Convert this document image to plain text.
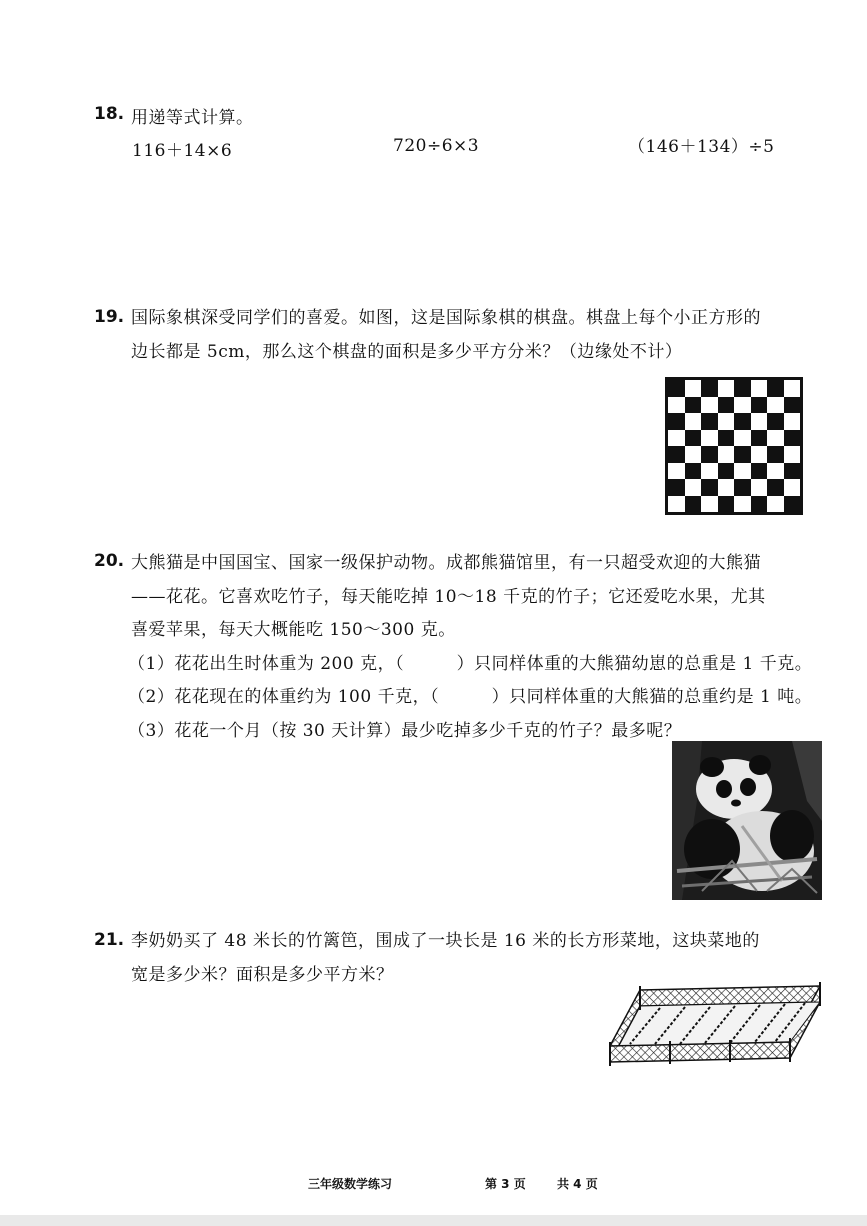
18. 用递等式计算。
116＋14×6	720÷6×3	（146＋134）÷5
19. 国际象棋深受同学们的喜爱。如图，这是国际象棋的棋盘。棋盘上每个小正方形的
边长都是 5cm，那么这个棋盘的面积是多少平方分米？（边缘处不计）
20. 大熊猫是中国国宝、国家一级保护动物。成都熊猫馆里，有一只超受欢迎的大熊猫
——花花。它喜欢吃竹子，每天能吃掉 10～18 千克的竹子；它还爱吃水果，尤其
喜爱苹果，每天大概能吃 150～300 克。
（1）花花出生时体重为 200 克，（　　　）只同样体重的大熊猫幼崽的总重是 1 千克。
（2）花花现在的体重约为 100 千克，（　　　）只同样体重的大熊猫的总重约是 1 吨。
（3）花花一个月（按 30 天计算）最少吃掉多少千克的竹子？最多呢？
21. 李奶奶买了 48 米长的竹篱笆，围成了一块长是 16 米的长方形菜地，这块菜地的
宽是多少米？面积是多少平方米？
三年级数学练习	第 3 页	共 4 页
